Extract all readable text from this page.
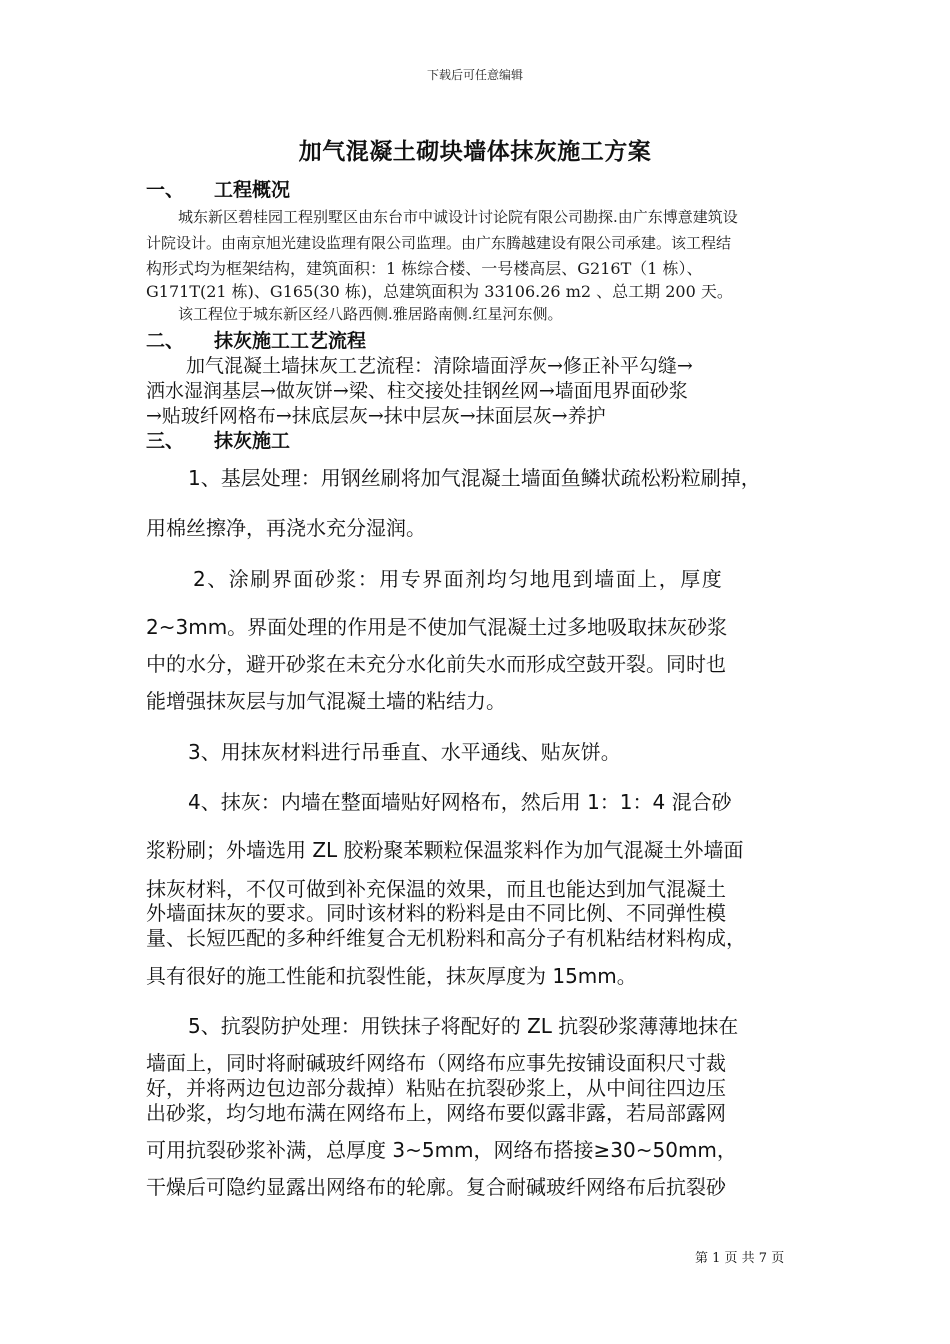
下载后可任意编辑
加气混凝土砌块墙体抹灰施工方案
一、 工程概况
城东新区碧桂园工程别墅区由东台市中诚设计讨论院有限公司勘探.由广东博意建筑设
计院设计。由南京旭光建设监理有限公司监理。由广东腾越建设有限公司承建。该工程结
构形式均为框架结构，建筑面积：1 栋综合楼、一号楼高层、G216T（1 栋）、
G171T(21 栋)、G165(30 栋)，总建筑面积为 33106.26 m2 、总工期 200 天。
该工程位于城东新区经八路西侧.雅居路南侧.红星河东侧。
二、 抹灰施工工艺流程
加气混凝土墙抹灰工艺流程：清除墙面浮灰→修正补平勾缝→
洒水湿润基层→做灰饼→梁、柱交接处挂钢丝网→墙面甩界面砂浆
→贴玻纤网格布→抹底层灰→抹中层灰→抹面层灰→养护
三、 抹灰施工
1、基层处理：用钢丝刷将加气混凝土墙面鱼鳞状疏松粉粒刷掉，
用棉丝擦净，再浇水充分湿润。
2、涂刷界面砂浆：用专界面剂均匀地甩到墙面上，厚度
2~3mm。界面处理的作用是不使加气混凝土过多地吸取抹灰砂浆
中的水分，避开砂浆在未充分水化前失水而形成空鼓开裂。同时也
能增强抹灰层与加气混凝土墙的粘结力。
3、用抹灰材料进行吊垂直、水平通线、贴灰饼。
4、抹灰：内墙在整面墙贴好网格布，然后用 1：1：4 混合砂
浆粉刷；外墙选用 ZL 胶粉聚苯颗粒保温浆料作为加气混凝土外墙面
抹灰材料，不仅可做到补充保温的效果，而且也能达到加气混凝土
外墙面抹灰的要求。同时该材料的粉料是由不同比例、不同弹性模
量、长短匹配的多种纤维复合无机粉料和高分子有机粘结材料构成，
具有很好的施工性能和抗裂性能，抹灰厚度为 15mm。
5、抗裂防护处理：用铁抹子将配好的 ZL 抗裂砂浆薄薄地抹在
墙面上，同时将耐碱玻纤网络布（网络布应事先按铺设面积尺寸裁
好，并将两边包边部分裁掉）粘贴在抗裂砂浆上，从中间往四边压
出砂浆，均匀地布满在网络布上，网络布要似露非露，若局部露网
可用抗裂砂浆补满，总厚度 3~5mm，网络布搭接≥30~50mm，
干燥后可隐约显露出网络布的轮廓。复合耐碱玻纤网络布后抗裂砂
第 1 页 共 7 页
